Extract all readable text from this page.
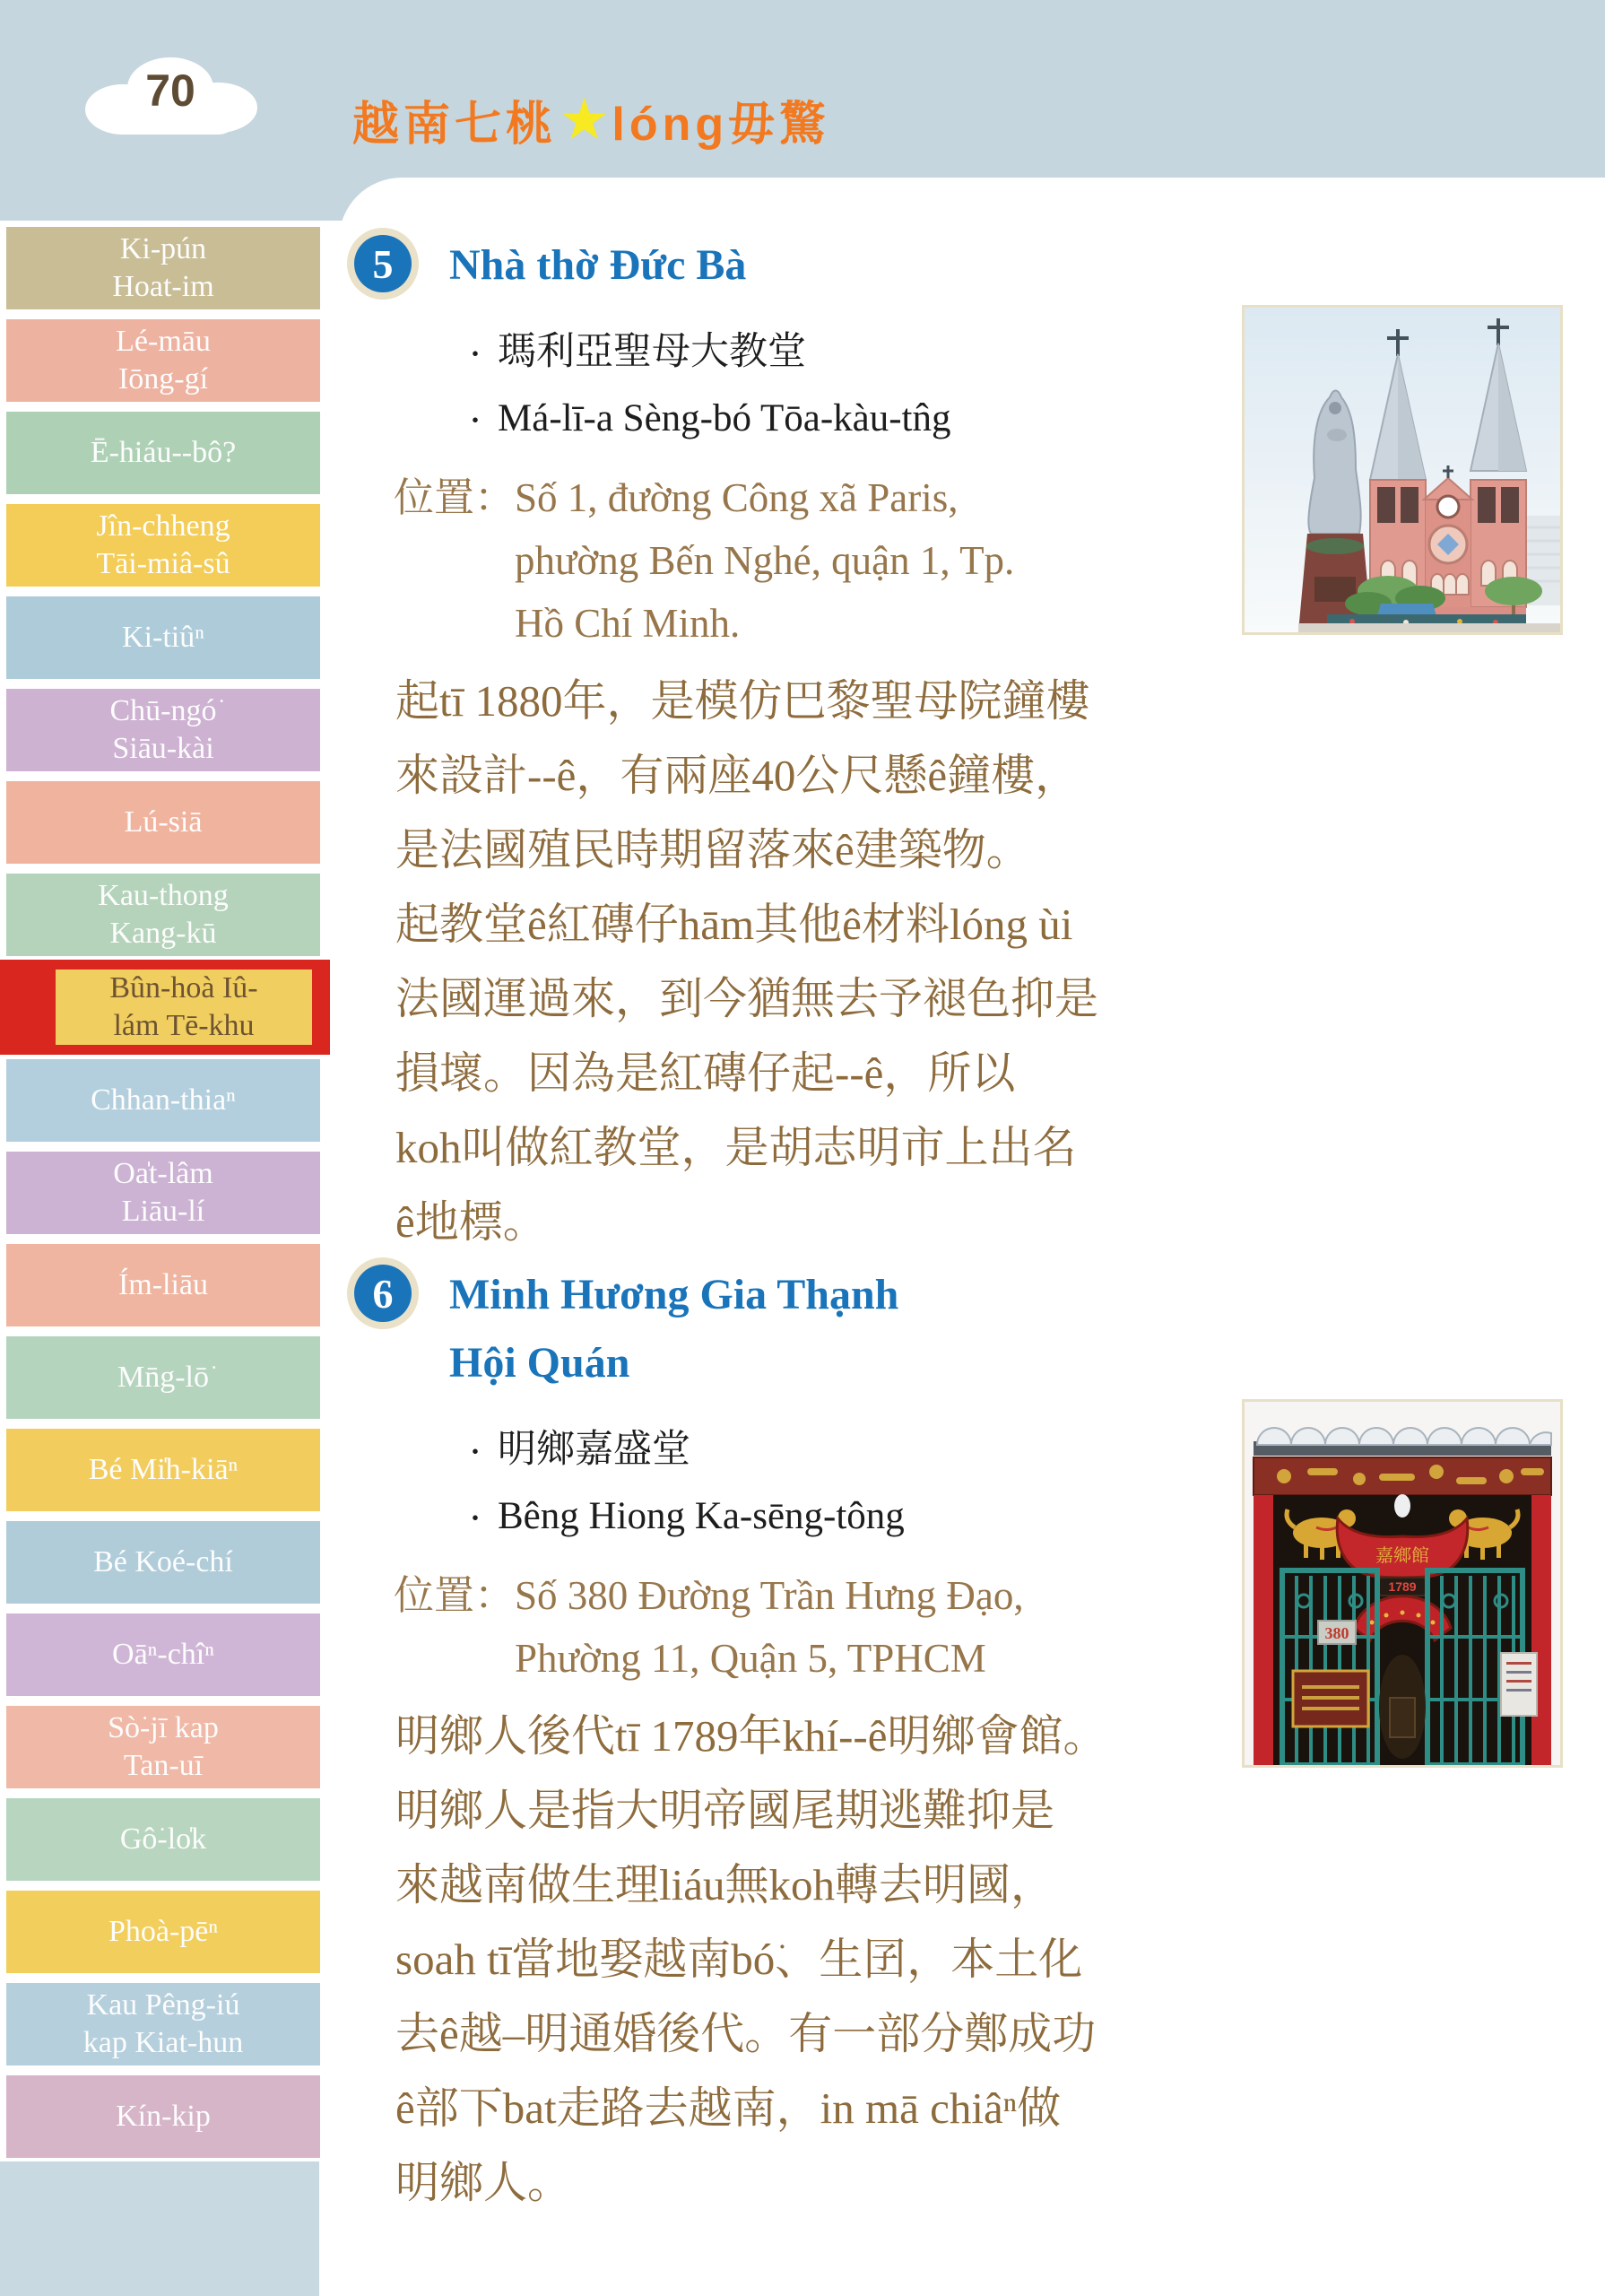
70
越南七桃 ★ lóng毋驚
Ki-pún
Hoat-im
Lé-māu
Iōng-gí
Ē-hiáu--bô?
Jîn-chheng
Tāi-miâ-sû
Ki-tiûⁿ
Chū-ngó͘
Siāu-kài
Lú-siā
Kau-thong
Kang-kū
Bûn-hoà Iû-
lám Tē-khu
Chhan-thiaⁿ
Oa̍t-lâm
Liāu-lí
Ím-liāu
Mn̄g-lō͘
Bé Mi̍h-kiāⁿ
Bé Koé-chí
Oāⁿ-chîⁿ
Sò͘-jī kap
Tan-uī
Gô͘-lo̍k
Phoà-pēⁿ
Kau Pêng-iú
kap Kiat-hun
Kín-kip
5 Nhà thờ Đức Bà
・ 瑪利亞聖母大教堂
・ Má-lī-a Sèng-bó Tōa-kàu-tn̂g
位置： Số 1, đường Công xã Paris,
phường Bến Nghé, quận 1, Tp.
Hồ Chí Minh.
起tī 1880年，是模仿巴黎聖母院鐘樓
來設計--ê，有兩座40公尺懸ê鐘樓，
是法國殖民時期留落來ê建築物。
起教堂ê紅磚仔hām其他ê材料lóng ùi
法國運過來，到今猶無去予褪色抑是
損壞。因為是紅磚仔起--ê，所以
koh叫做紅教堂，是胡志明市上出名
ê地標。
6 Minh Hương Gia Thạnh
Hội Quán
・ 明鄉嘉盛堂
・ Bêng Hiong Ka-sēng-tông
位置： Số 380 Đường Trần Hưng Đạo,
Phường 11, Quận 5, TPHCM
明鄉人後代tī 1789年khí--ê明鄉會館。
明鄉人是指大明帝國尾期逃難抑是
來越南做生理liáu無koh轉去明國，
soah tī當地娶越南bó͘、生囝，本土化
去ê越–明通婚後代。有一部分鄭成功
ê部下bat走路去越南，in mā chiâⁿ做
明鄉人。
嘉鄉館
1789
380
